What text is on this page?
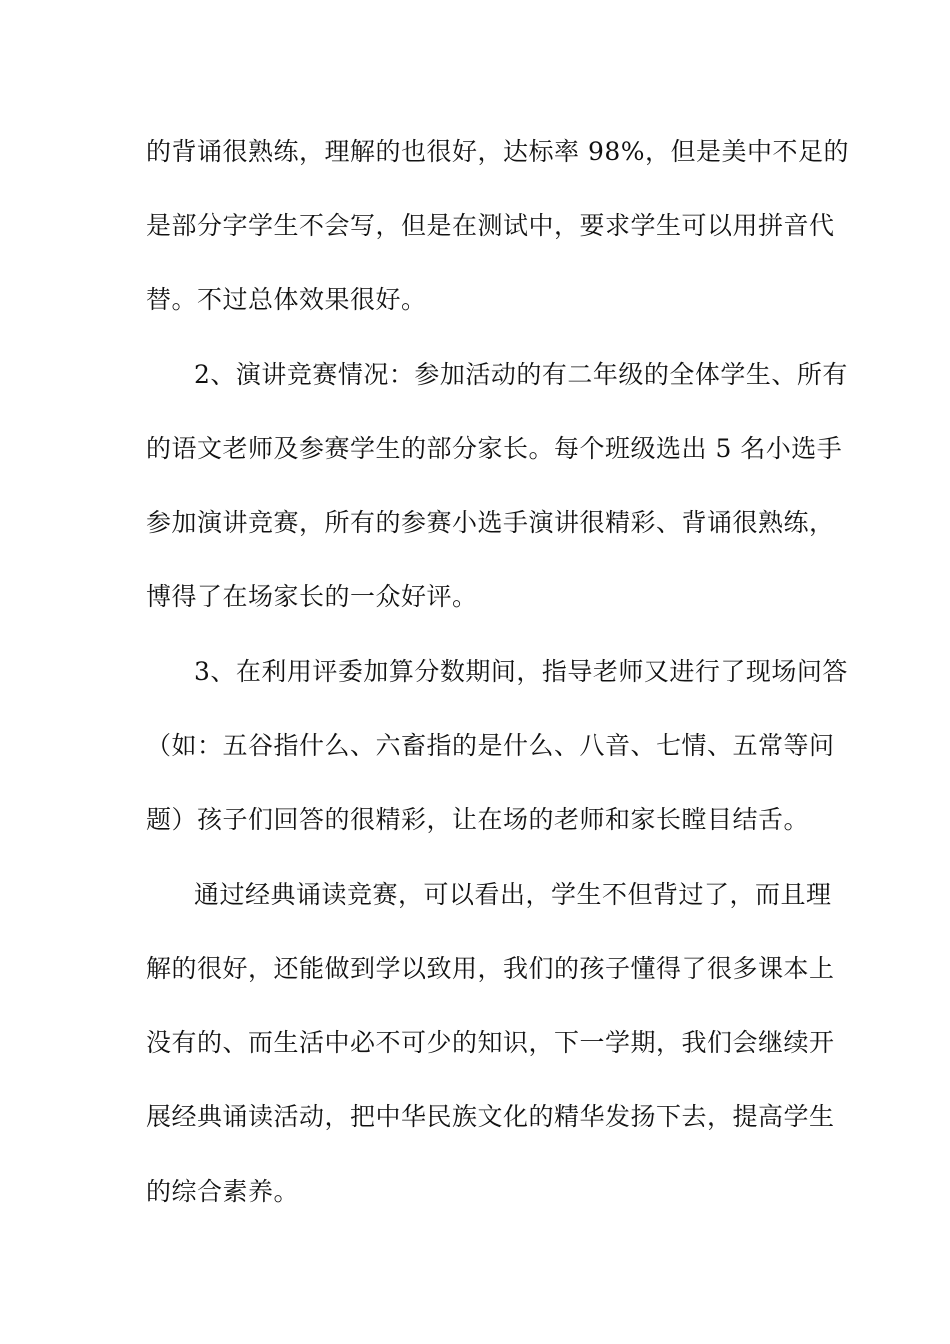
的背诵很熟练，理解的也很好，达标率 98%，但是美中不足的
是部分字学生不会写，但是在测试中，要求学生可以用拼音代
替。不过总体效果很好。
2、演讲竞赛情况：参加活动的有二年级的全体学生、所有
的语文老师及参赛学生的部分家长。每个班级选出 5 名小选手
参加演讲竞赛，所有的参赛小选手演讲很精彩、背诵很熟练，
博得了在场家长的一众好评。
3、在利用评委加算分数期间，指导老师又进行了现场问答
（如：五谷指什么、六畜指的是什么、八音、七情、五常等问
题）孩子们回答的很精彩，让在场的老师和家长瞠目结舌。
通过经典诵读竞赛，可以看出，学生不但背过了，而且理
解的很好，还能做到学以致用，我们的孩子懂得了很多课本上
没有的、而生活中必不可少的知识，下一学期，我们会继续开
展经典诵读活动，把中华民族文化的精华发扬下去，提高学生
的综合素养。
